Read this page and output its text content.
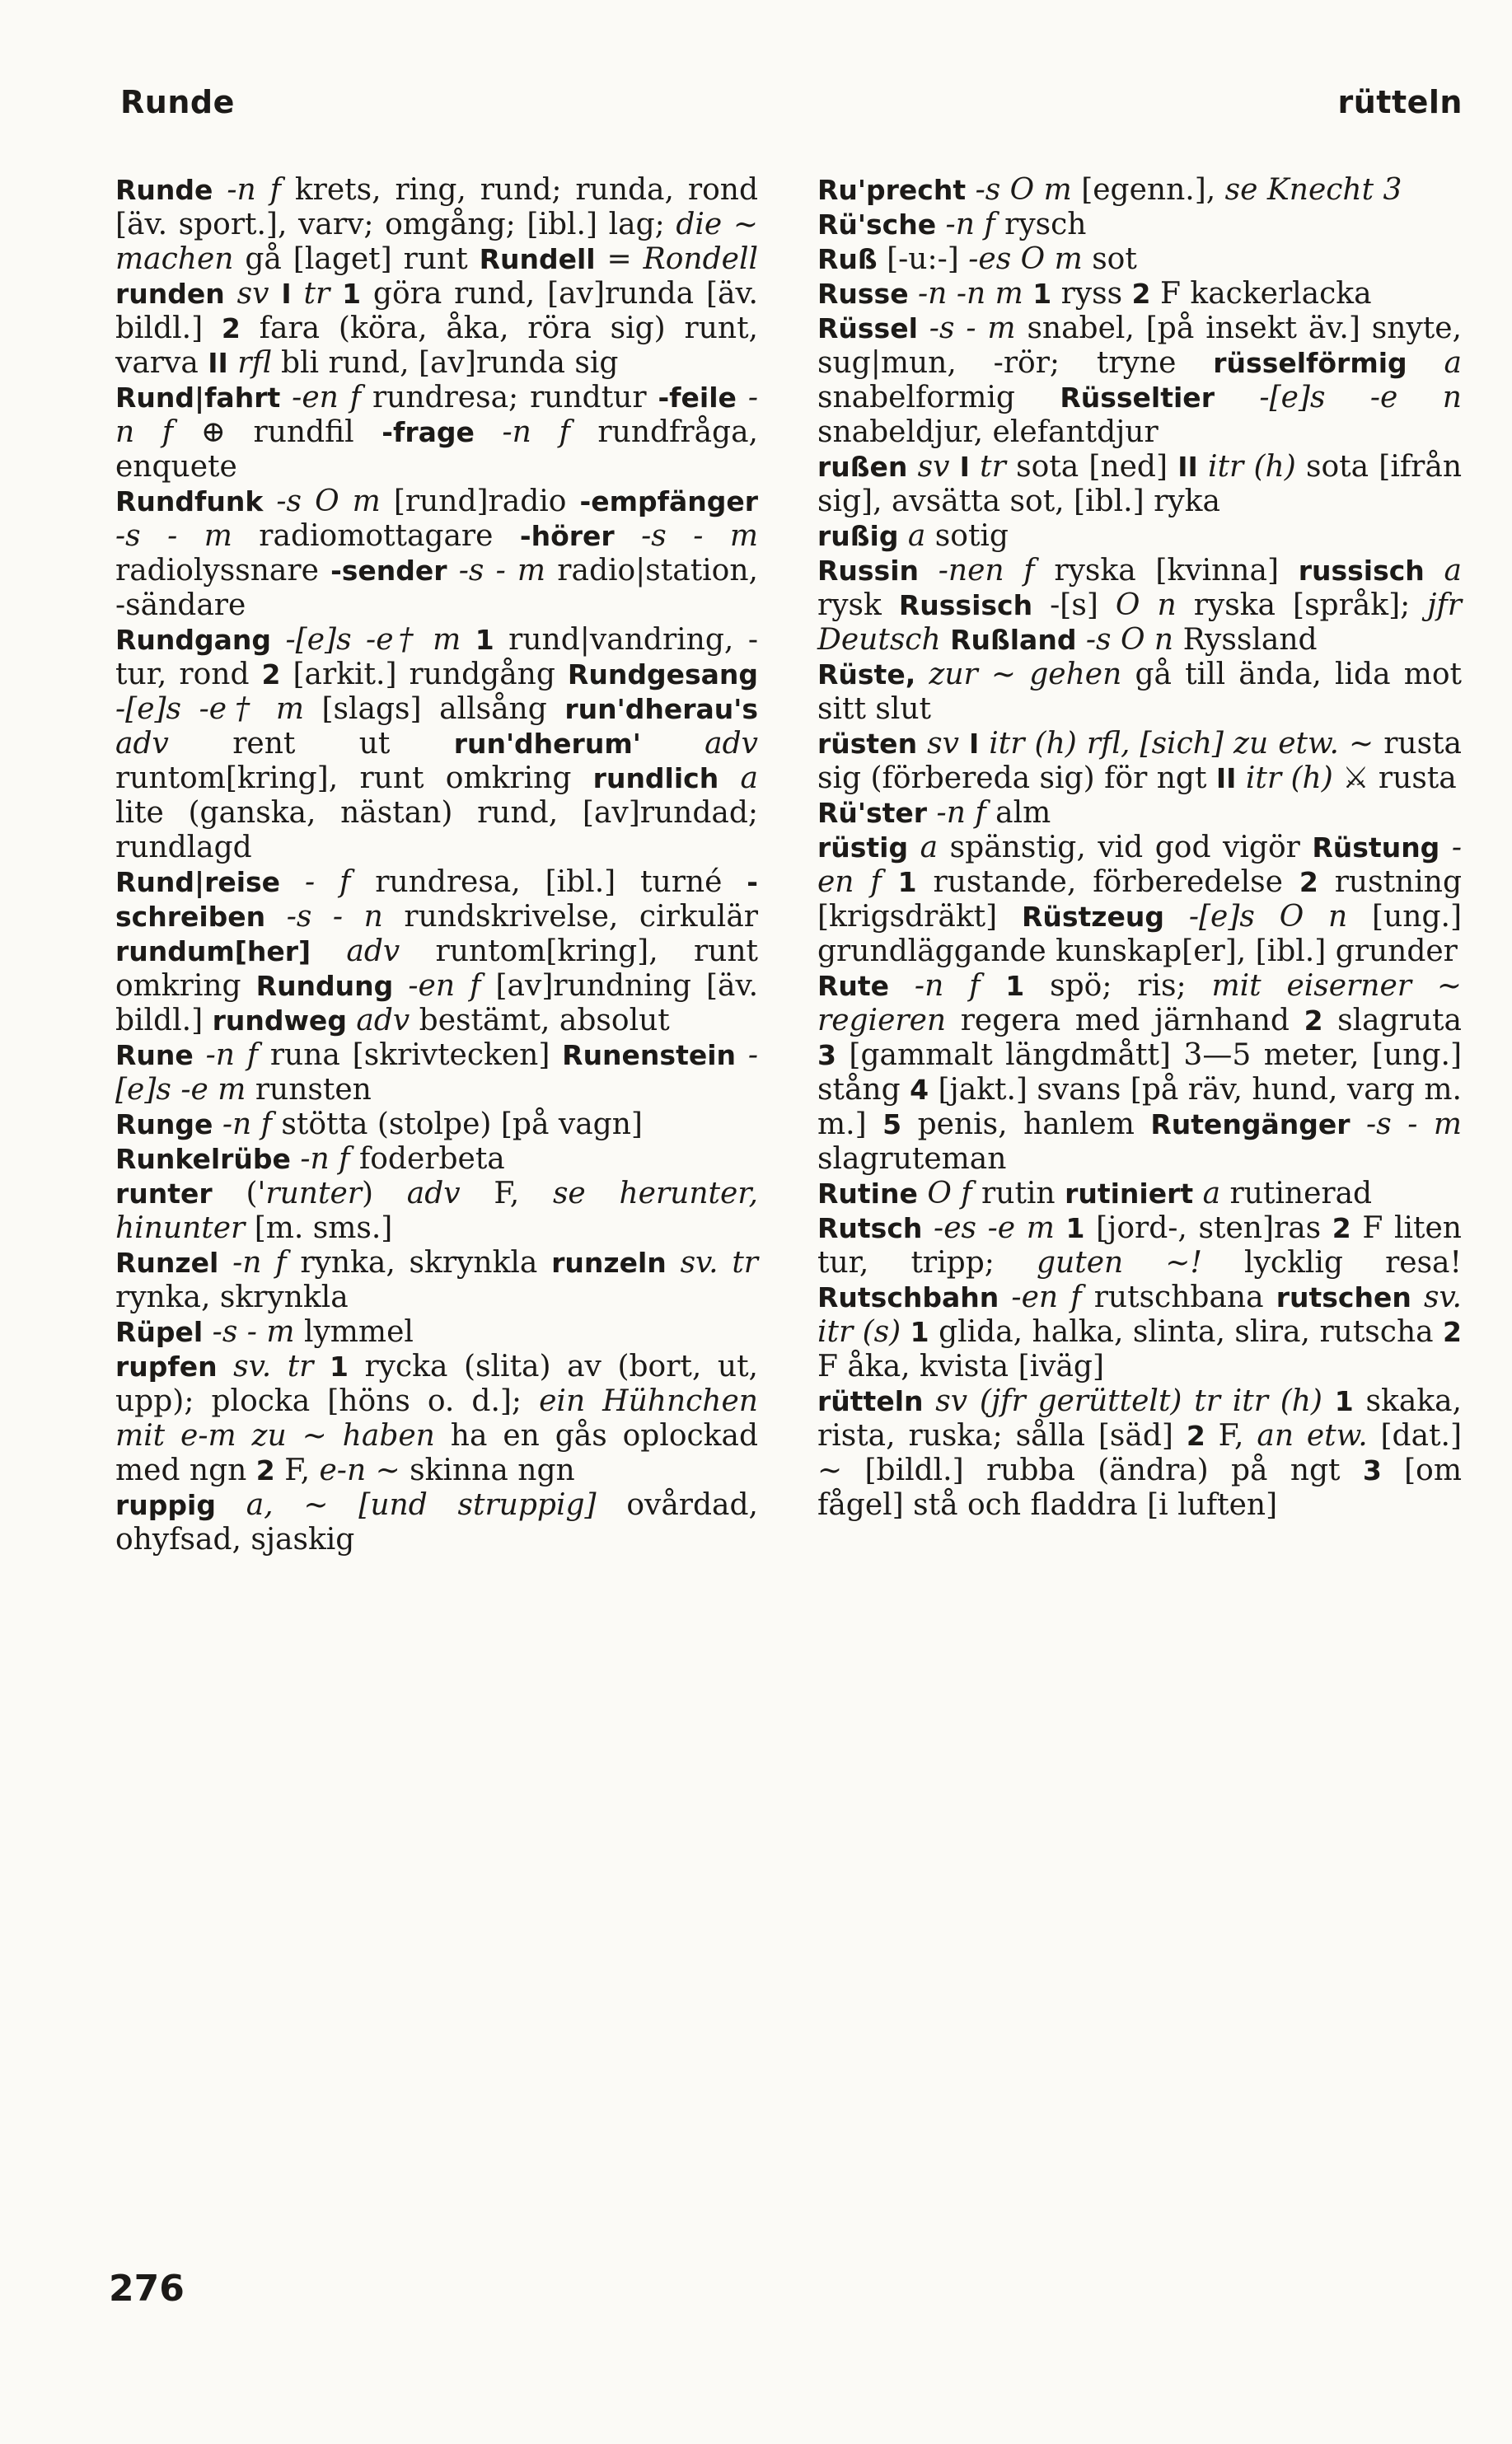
Runde	rütteln

Runde -n f krets, ring, rund; runda, rond [äv. sport.], varv; omgång; [ibl.] lag; die ~ machen gå [laget] runt Rundell = Rondell runden sv I tr 1 göra rund, [av]runda [äv. bildl.] 2 fara (köra, åka, röra sig) runt, varva II rfl bli rund, [av]runda sig

Rund|fahrt -en f rundresa; rundtur -feile -n f ⊕ rundfil -frage -n f rundfråga, enquete

Rundfunk -s O m [rund]radio -empfänger -s - m radiomottagare -hörer -s - m radiolyssnare -sender -s - m radio|station, -sändare

Rundgang -[e]s -e† m 1 rund|vandring, -tur, rond 2 [arkit.] rundgång Rundgesang -[e]s -e† m [slags] allsång run'dherau's adv rent ut run'dherum' adv runtom[kring], runt omkring rundlich a lite (ganska, nästan) rund, [av]rundad; rundlagd

Rund|reise - f rundresa, [ibl.] turné -schreiben -s - n rundskrivelse, cirkulär rundum[her] adv runtom[kring], runt omkring Rundung -en f [av]rundning [äv. bildl.] rundweg adv bestämt, absolut

Rune -n f runa [skrivtecken] Runenstein -[e]s -e m runsten

Runge -n f stötta (stolpe) [på vagn]

Runkelrübe -n f foderbeta

runter ('runter) adv F, se herunter, hinunter [m. sms.]

Runzel -n f rynka, skrynkla runzeln sv. tr rynka, skrynkla

Rüpel -s - m lymmel

rupfen sv. tr 1 rycka (slita) av (bort, ut, upp); plocka [höns o. d.]; ein Hühnchen mit e-m zu ~ haben ha en gås oplockad med ngn 2 F, e-n ~ skinna ngn

ruppig a, ~ [und struppig] ovårdad, ohyfsad, sjaskig

Ru'precht -s O m [egenn.], se Knecht 3

Rü'sche -n f rysch

Ruß [-u:-] -es O m sot

Russe -n -n m 1 ryss 2 F kackerlacka

Rüssel -s - m snabel, [på insekt äv.] snyte, sug|mun, -rör; tryne rüsselförmig a snabelformig Rüsseltier -[e]s -e n snabeldjur, elefantdjur

rußen sv I tr sota [ned] II itr (h) sota [ifrån sig], avsätta sot, [ibl.] ryka

rußig a sotig

Russin -nen f ryska [kvinna] russisch a rysk Russisch -[s] O n ryska [språk]; jfr Deutsch Rußland -s O n Ryssland

Rüste, zur ~ gehen gå till ända, lida mot sitt slut

rüsten sv I itr (h) rfl, [sich] zu etw. ~ rusta sig (förbereda sig) för ngt II itr (h) ⚔ rusta

Rü'ster -n f alm

rüstig a spänstig, vid god vigör Rüstung -en f 1 rustande, förberedelse 2 rustning [krigsdräkt] Rüstzeug -[e]s O n [ung.] grundläggande kunskap[er], [ibl.] grunder

Rute -n f 1 spö; ris; mit eiserner ~ regieren regera med järnhand 2 slagruta 3 [gammalt längdmått] 3—5 meter, [ung.] stång 4 [jakt.] svans [på räv, hund, varg m. m.] 5 penis, hanlem Rutengänger -s - m slagruteman

Rutine O f rutin rutiniert a rutinerad

Rutsch -es -e m 1 [jord-, sten]ras 2 F liten tur, tripp; guten ~! lycklig resa! Rutschbahn -en f rutschbana rutschen sv. itr (s) 1 glida, halka, slinta, slira, rutscha 2 F åka, kvista [iväg]

rütteln sv (jfr gerüttelt) tr itr (h) 1 skaka, rista, ruska; sålla [säd] 2 F, an etw. [dat.] ~ [bildl.] rubba (ändra) på ngt 3 [om fågel] stå och fladdra [i luften]

276
